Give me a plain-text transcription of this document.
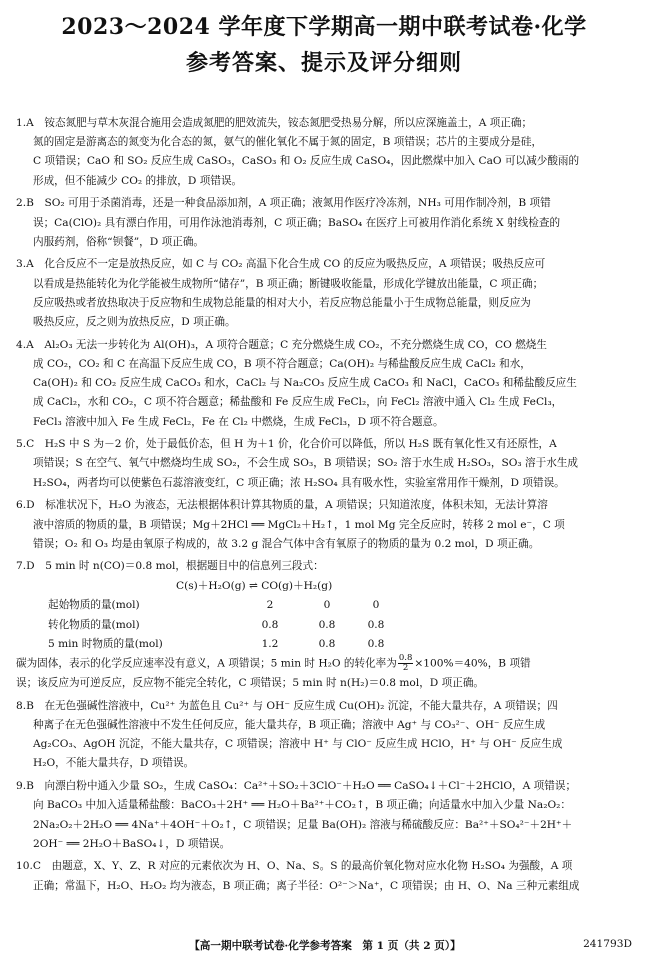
2023～2024 学年度下学期高一期中联考试卷·化学
参考答案、提示及评分细则
1.A　铵态氮肥与草木灰混合施用会造成氮肥的肥效流失，铵态氮肥受热易分解，所以应深施盖土，A 项正确；
氮的固定是游离态的氮变为化合态的氮，氨气的催化氧化不属于氮的固定，B 项错误；芯片的主要成分是硅，
C 项错误；CaO 和 SO₂ 反应生成 CaSO₃，CaSO₃ 和 O₂ 反应生成 CaSO₄，因此燃煤中加入 CaO 可以减少酸雨的
形成，但不能减少 CO₂ 的排放，D 项错误。
2.B　SO₂ 可用于杀菌消毒，还是一种食品添加剂，A 项正确；液氮用作医疗冷冻剂，NH₃ 可用作制冷剂，B 项错
误；Ca(ClO)₂ 具有漂白作用，可用作泳池消毒剂，C 项正确；BaSO₄ 在医疗上可被用作消化系统 X 射线检查的
内服药剂，俗称“钡餐”，D 项正确。
3.A　化合反应不一定是放热反应，如 C 与 CO₂ 高温下化合生成 CO 的反应为吸热反应，A 项错误；吸热反应可
以看成是热能转化为化学能被生成物所“储存”，B 项正确；断键吸收能量，形成化学键放出能量，C 项正确；
反应吸热或者放热取决于反应物和生成物总能量的相对大小，若反应物总能量小于生成物总能量，则反应为
吸热反应，反之则为放热反应，D 项正确。
4.A　Al₂O₃ 无法一步转化为 Al(OH)₃，A 项符合题意；C 充分燃烧生成 CO₂，不充分燃烧生成 CO，CO 燃烧生
成 CO₂，CO₂ 和 C 在高温下反应生成 CO，B 项不符合题意；Ca(OH)₂ 与稀盐酸反应生成 CaCl₂ 和水，
Ca(OH)₂ 和 CO₂ 反应生成 CaCO₃ 和水，CaCl₂ 与 Na₂CO₃ 反应生成 CaCO₃ 和 NaCl，CaCO₃ 和稀盐酸反应生
成 CaCl₂，水和 CO₂，C 项不符合题意；稀盐酸和 Fe 反应生成 FeCl₂，向 FeCl₂ 溶液中通入 Cl₂ 生成 FeCl₃，
FeCl₃ 溶液中加入 Fe 生成 FeCl₂，Fe 在 Cl₂ 中燃烧，生成 FeCl₃，D 项不符合题意。
5.C　H₂S 中 S 为－2 价，处于最低价态，但 H 为＋1 价，化合价可以降低，所以 H₂S 既有氧化性又有还原性，A
项错误；S 在空气、氧气中燃烧均生成 SO₂，不会生成 SO₃，B 项错误；SO₂ 溶于水生成 H₂SO₃，SO₃ 溶于水生成
H₂SO₄，两者均可以使紫色石蕊溶液变红，C 项正确；浓 H₂SO₄ 具有吸水性，实验室常用作干燥剂，D 项错误。
6.D　标准状况下，H₂O 为液态，无法根据体积计算其物质的量，A 项错误；只知道浓度，体积未知，无法计算溶
液中溶质的物质的量，B 项错误；Mg＋2HCl ══ MgCl₂＋H₂↑，1 mol Mg 完全反应时，转移 2 mol e⁻，C 项
错误；O₂ 和 O₃ 均是由氧原子构成的，故 3.2 g 混合气体中含有氧原子的物质的量为 0.2 mol，D 项正确。
7.D　5 min 时 n(CO)＝0.8 mol，根据题目中的信息列三段式：
C(s)＋H₂O(g) ⇌ CO(g)＋H₂(g)
起始物质的量(mol)	2	0	0
转化物质的量(mol)	0.8	0.8	0.8
5 min 时物质的量(mol)	1.2	0.8	0.8
碳为固体，表示的化学反应速率没有意义，A 项错误；5 min 时 H₂O 的转化率为 $\frac{0.8}{2} \times 100\%=40\%$，B 项错
误；该反应为可逆反应，反应物不能完全转化，C 项错误；5 min 时 n(H₂)＝0.8 mol，D 项正确。
8.B　在无色强碱性溶液中，Cu²⁺ 为蓝色且 Cu²⁺ 与 OH⁻ 反应生成 Cu(OH)₂ 沉淀，不能大量共存，A 项错误；四
种离子在无色强碱性溶液中不发生任何反应，能大量共存，B 项正确；溶液中 Ag⁺ 与 CO₃²⁻、OH⁻ 反应生成
Ag₂CO₃、AgOH 沉淀，不能大量共存，C 项错误；溶液中 H⁺ 与 ClO⁻ 反应生成 HClO，H⁺ 与 OH⁻ 反应生成
H₂O，不能大量共存，D 项错误。
9.B　向漂白粉中通入少量 SO₂，生成 CaSO₄：Ca²⁺＋SO₂＋3ClO⁻＋H₂O ══ CaSO₄↓＋Cl⁻＋2HClO，A 项错误；
向 BaCO₃ 中加入适量稀盐酸：BaCO₃＋2H⁺ ══ H₂O＋Ba²⁺＋CO₂↑，B 项正确；向适量水中加入少量 Na₂O₂：
2Na₂O₂＋2H₂O ══ 4Na⁺＋4OH⁻＋O₂↑，C 项错误；足量 Ba(OH)₂ 溶液与稀硫酸反应：Ba²⁺＋SO₄²⁻＋2H⁺＋
2OH⁻ ══ 2H₂O＋BaSO₄↓，D 项错误。
10.C　由题意，X、Y、Z、R 对应的元素依次为 H、O、Na、S。S 的最高价氧化物对应水化物 H₂SO₄ 为强酸，A 项
正确；常温下，H₂O、H₂O₂ 均为液态，B 项正确；离子半径：O²⁻＞Na⁺，C 项错误；由 H、O、Na 三种元素组成
【高一期中联考试卷·化学参考答案　第 1 页（共 2 页）】	241793D
